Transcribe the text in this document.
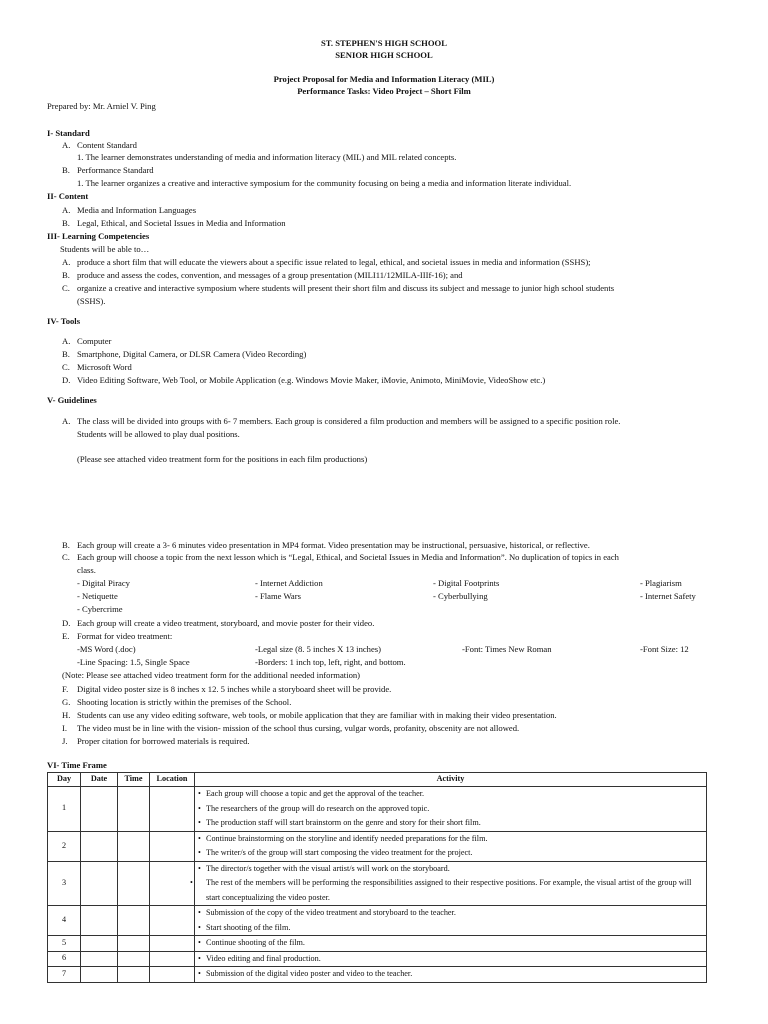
ST. STEPHEN'S HIGH SCHOOL
SENIOR HIGH SCHOOL
Project Proposal for Media and Information Literacy (MIL)
Performance Tasks: Video Project – Short Film
Prepared by: Mr. Arniel V. Ping
I- Standard
A. Content Standard
1. The learner demonstrates understanding of media and information literacy (MIL) and MIL related concepts.
B. Performance Standard
1. The learner organizes a creative and interactive symposium for the community focusing on being a media and information literate individual.
II- Content
A. Media and Information Languages
B. Legal, Ethical, and Societal Issues in Media and Information
III- Learning Competencies
Students will be able to…
A. produce a short film that will educate the viewers about a specific issue related to legal, ethical, and societal issues in media and information (SSHS);
B. produce and assess the codes, convention, and messages of a group presentation (MILI11/12MILA-IIIf-16); and
C. organize a creative and interactive symposium where students will present their short film and discuss its subject and message to junior high school students
(SSHS).
IV- Tools
A. Computer
B. Smartphone, Digital Camera, or DLSR Camera (Video Recording)
C. Microsoft Word
D. Video Editing Software, Web Tool, or Mobile Application (e.g. Windows Movie Maker, iMovie, Animoto, MiniMovie, VideoShow etc.)
V- Guidelines
A. The class will be divided into groups with 6- 7 members. Each group is considered a film production and members will be assigned to a specific position role.
Students will be allowed to play dual positions.
(Please see attached video treatment form for the positions in each film productions)
B. Each group will create a 3- 6 minutes video presentation in MP4 format. Video presentation may be instructional, persuasive, historical, or reflective.
C. Each group will choose a topic from the next lesson which is “Legal, Ethical, and Societal Issues in Media and Information”. No duplication of topics in each
class.
- Digital Piracy	- Internet Addiction	- Digital Footprints	- Plagiarism
- Netiquette	- Flame Wars	- Cyberbullying	- Internet Safety
- Cybercrime
D. Each group will create a video treatment, storyboard, and movie poster for their video.
E. Format for video treatment:
-MS Word (.doc)	-Legal size (8. 5 inches X 13 inches)	-Font: Times New Roman	-Font Size: 12
-Line Spacing: 1.5, Single Space	-Borders: 1 inch top, left, right, and bottom.
(Note: Please see attached video treatment form for the additional needed information)
F. Digital video poster size is 8 inches x 12. 5 inches while a storyboard sheet will be provide.
G. Shooting location is strictly within the premises of the School.
H. Students can use any video editing software, web tools, or mobile application that they are familiar with in making their video presentation.
I. The video must be in line with the vision- mission of the school thus cursing, vulgar words, profanity, obscenity are not allowed.
J. Proper citation for borrowed materials is required.
VI- Time Frame
Day	Date	Time	Location	Activity
1				• Each group will choose a topic and get the approval of the teacher.
• The researchers of the group will do research on the approved topic.
• The production staff will start brainstorm on the genre and story for their short film.

2				• Continue brainstorming on the storyline and identify needed preparations for the film.
• The writer/s of the group will start composing the video treatment for the project.

3				• The director/s together with the visual artist/s will work on the storyboard.
• The rest of the members will be performing the responsibilities assigned to their respective positions. For example, the visual artist of the group will start conceptualizing the video poster.

4				• Submission of the copy of the video treatment and storyboard to the teacher.
• Start shooting of the film.

5				• Continue shooting of the film.

6				• Video editing and final production.

7				• Submission of the digital video poster and video to the teacher.
